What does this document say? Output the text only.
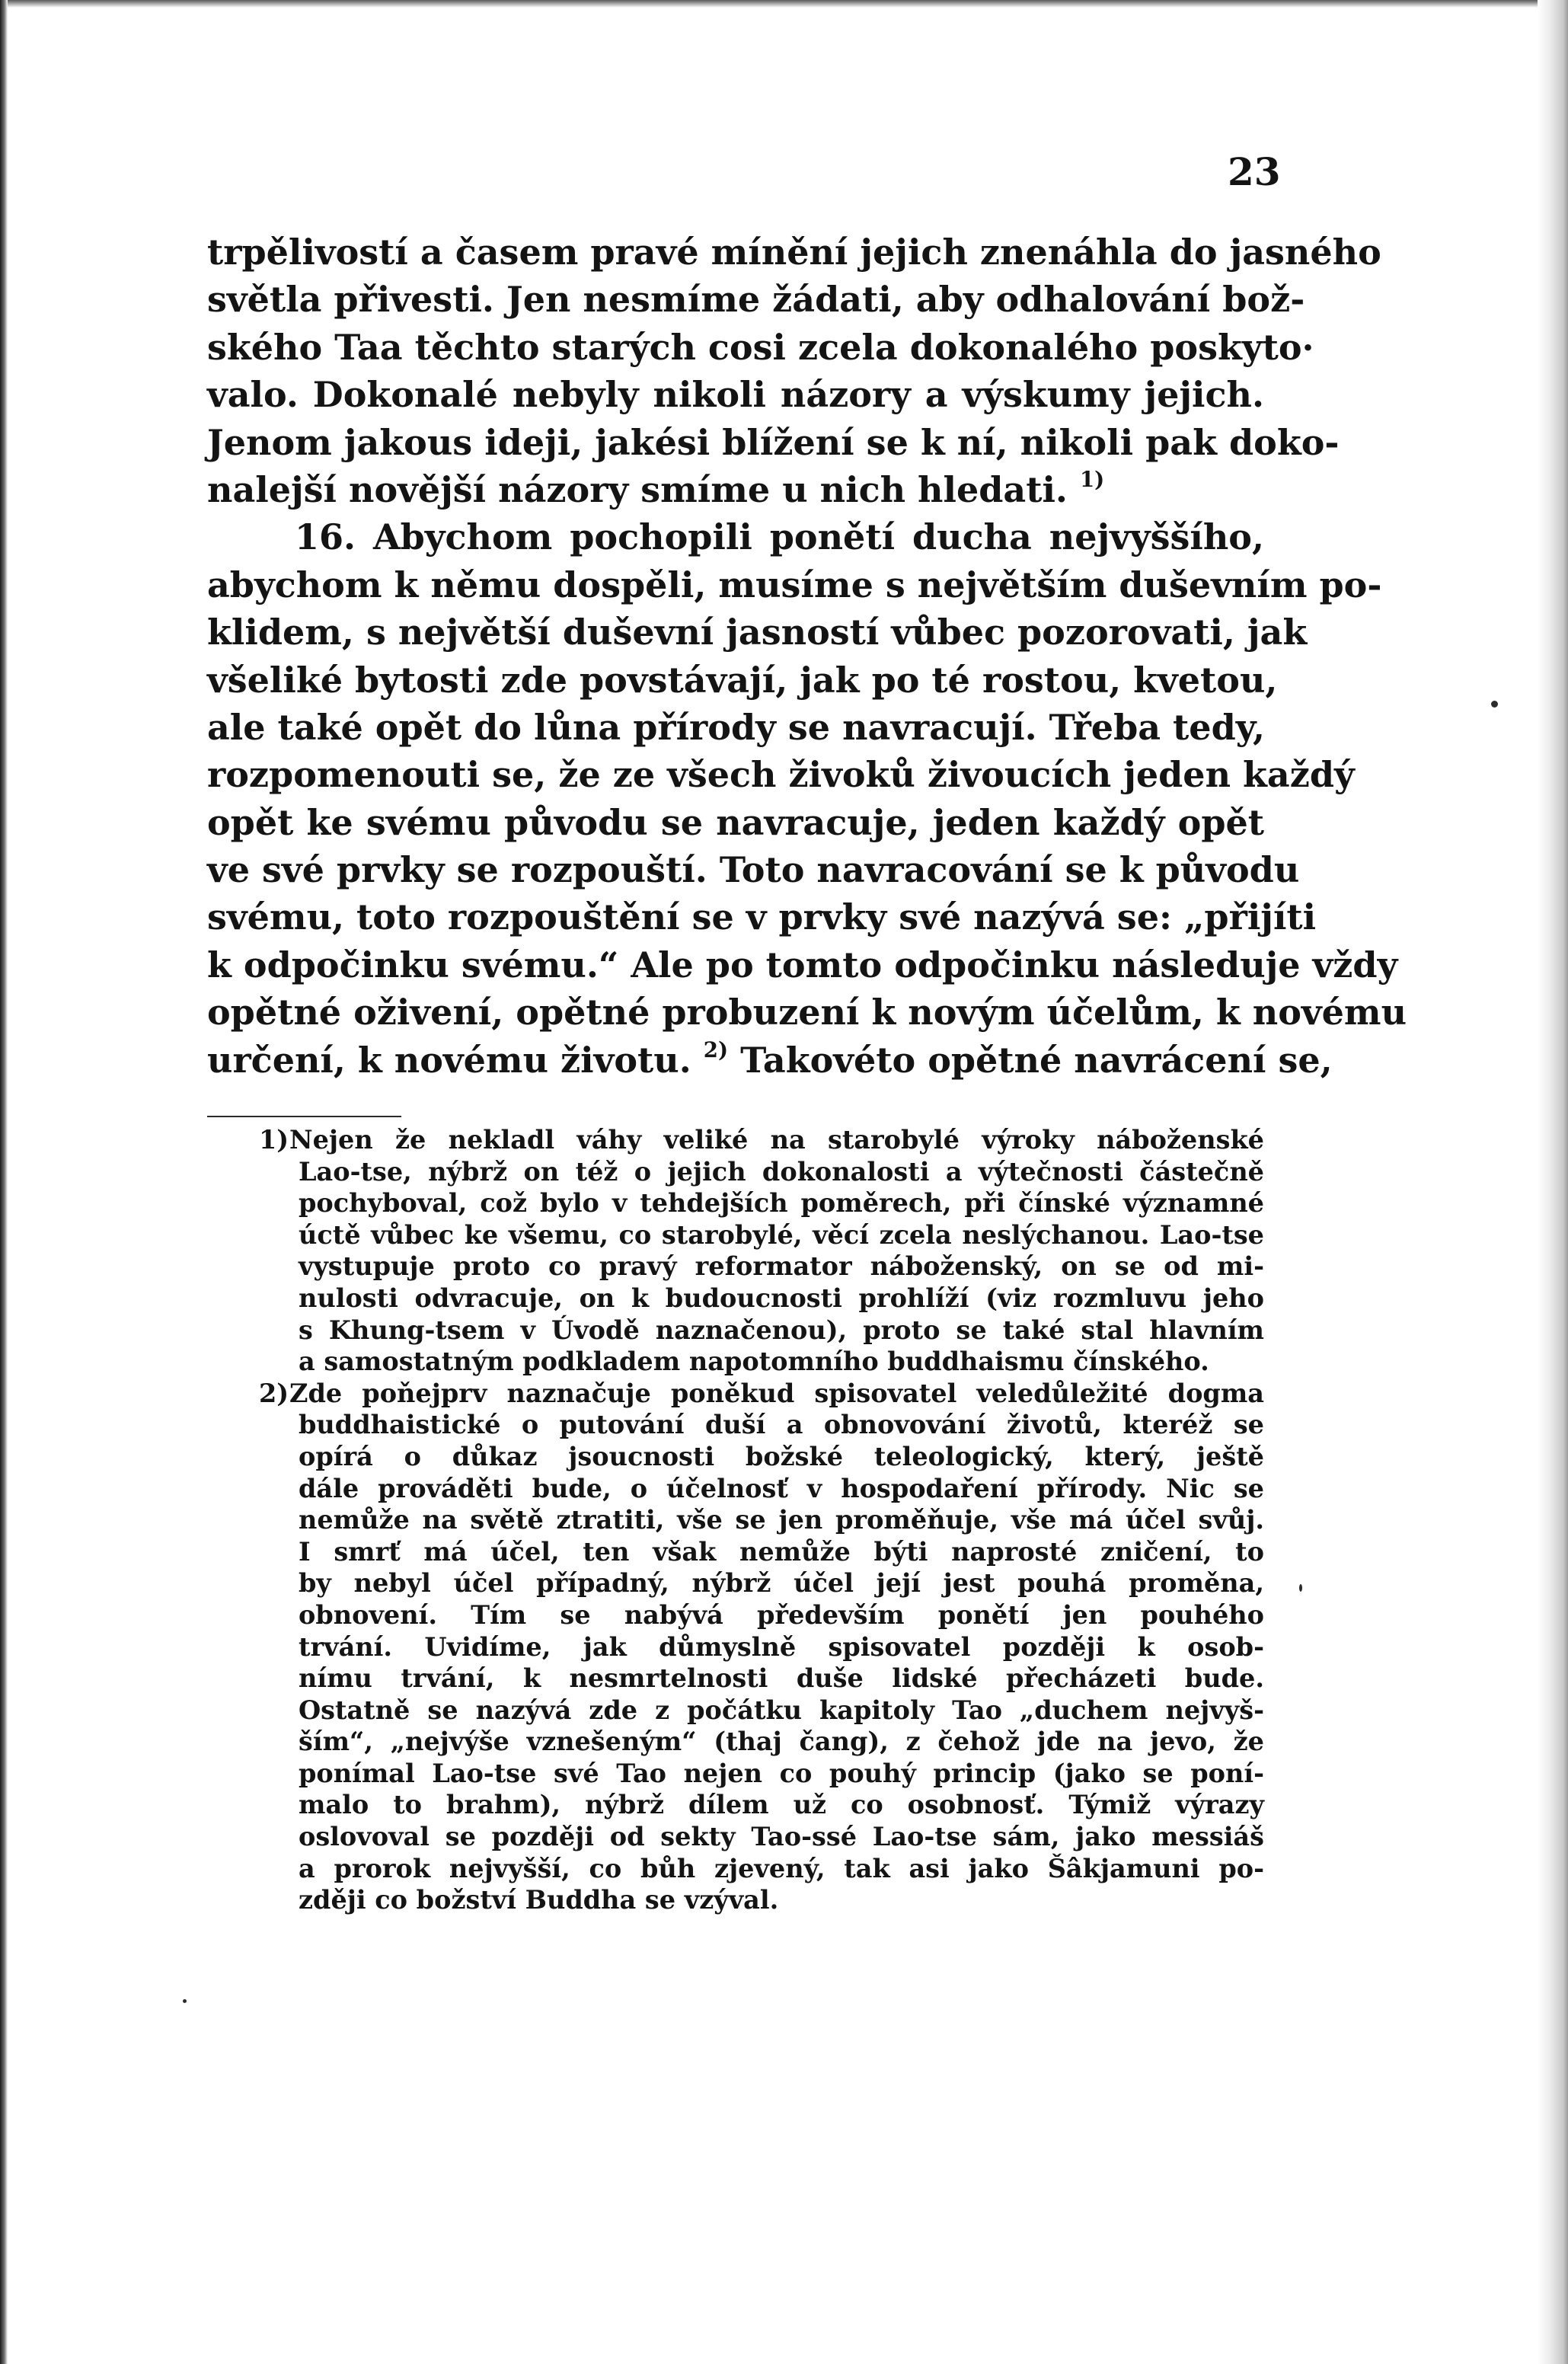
23
trpělivostí a časem pravé mínění jejich znenáhla do jasného
světla přivesti. Jen nesmíme žádati, aby odhalování bož-
ského Taa těchto starých cosi zcela dokonalého poskyto·
valo. Dokonalé nebyly nikoli názory a výskumy jejich.
Jenom jakous ideji, jakési blížení se k ní, nikoli pak doko-
nalejší novější názory smíme u nich hledati. $^{1)}$
16. Abychom pochopili ponětí ducha nejvyššího,
abychom k němu dospěli, musíme s největším duševním po-
klidem, s největší duševní jasností vůbec pozorovati, jak
všeliké bytosti zde povstávají, jak po té rostou, kvetou,
ale také opět do lůna přírody se navracují. Třeba tedy,
rozpomenouti se, že ze všech živoků živoucích jeden každý
opět ke svému původu se navracuje, jeden každý opět
ve své prvky se rozpouští. Toto navracování se k původu
svému, toto rozpouštění se v prvky své nazývá se: „přijíti
k odpočinku svému.“ Ale po tomto odpočinku následuje vždy
opětné oživení, opětné probuzení k novým účelům, k novému
určení, k novému životu. $^{2)}$ Takovéto opětné navrácení se,
1) Nejen že nekladl váhy veliké na starobylé výroky náboženské
Lao-tse, nýbrž on též o jejich dokonalosti a výtečnosti částečně
pochyboval, což bylo v tehdejších poměrech, při čínské významné
úctě vůbec ke všemu, co starobylé, věcí zcela neslýchanou. Lao-tse
vystupuje proto co pravý reformator náboženský, on se od mi-
nulosti odvracuje, on k budoucnosti prohlíží (viz rozmluvu jeho
s Khung-tsem v Úvodě naznačenou), proto se také stal hlavním
a samostatným podkladem napotomního buddhaismu čínského.
2) Zde poňejprv naznačuje poněkud spisovatel veledůležité dogma
buddhaistické o putování duší a obnovování životů, kteréž se
opírá o důkaz jsoucnosti božské teleologický, který, ještě
dále prováděti bude, o účelnosť v hospodaření přírody. Nic se
nemůže na světě ztratiti, vše se jen proměňuje, vše má účel svůj.
I smrť má účel, ten však nemůže býti naprosté zničení, to
by nebyl účel případný, nýbrž účel její jest pouhá proměna,
obnovení. Tím se nabývá především ponětí jen pouhého
trvání. Uvidíme, jak důmyslně spisovatel později k osob-
nímu trvání, k nesmrtelnosti duše lidské přecházeti bude.
Ostatně se nazývá zde z počátku kapitoly Tao „duchem nejvyš-
ším“, „nejvýše vznešeným“ (thaj čang), z čehož jde na jevo, že
ponímal Lao-tse své Tao nejen co pouhý princip (jako se poní-
malo to brahm), nýbrž dílem už co osobnosť. Týmiž výrazy
oslovoval se později od sekty Tao-ssé Lao-tse sám, jako messiáš
a prorok nejvyšší, co bůh zjevený, tak asi jako Šâkjamuni po-
zději co božství Buddha se vzýval.
